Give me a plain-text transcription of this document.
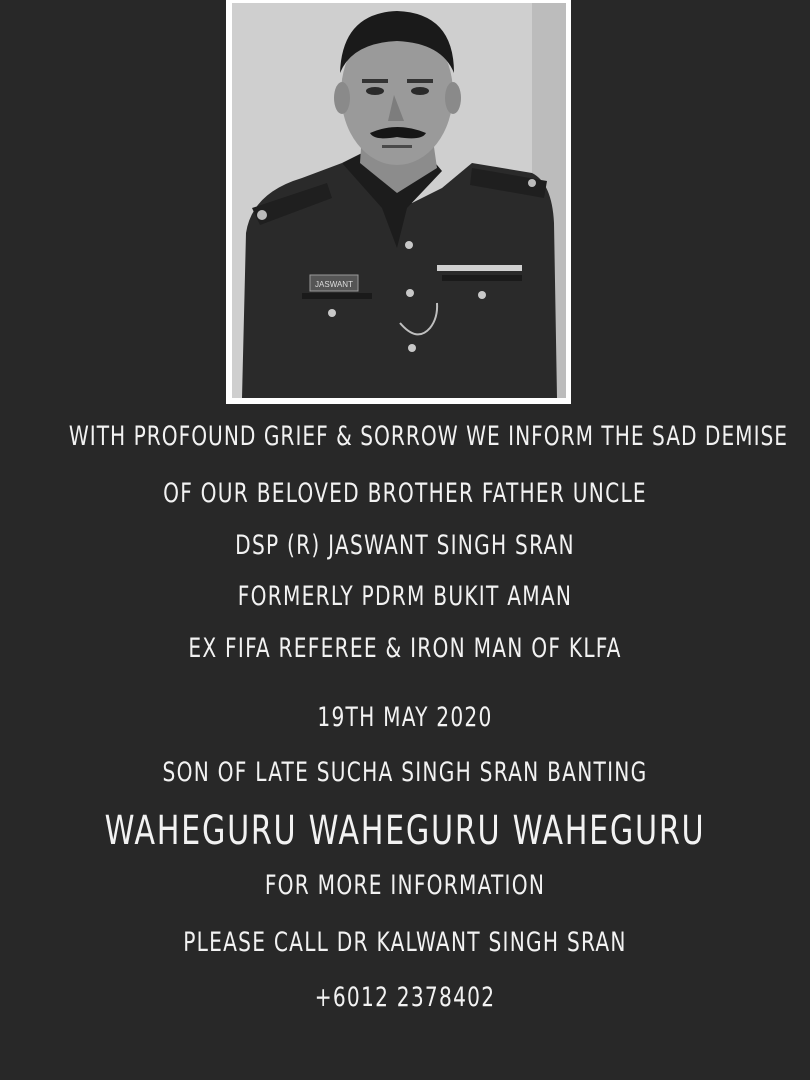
JASWANT
WITH PROFOUND GRIEF & SORROW WE INFORM THE SAD DEMISE
OF OUR BELOVED BROTHER FATHER UNCLE
DSP (R) JASWANT SINGH SRAN
FORMERLY PDRM BUKIT AMAN
EX FIFA REFEREE & IRON MAN OF KLFA
19TH MAY 2020
SON OF LATE SUCHA SINGH SRAN BANTING
WAHEGURU WAHEGURU WAHEGURU
FOR MORE INFORMATION
PLEASE CALL DR KALWANT SINGH SRAN
+6012 2378402
